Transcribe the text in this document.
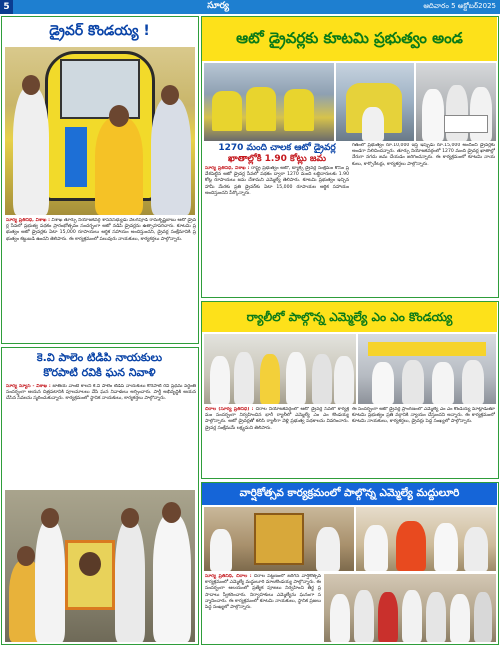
5	సూర్య	ఆదివారం 5 అక్టోబర్2025
డ్రైవర్ కొండయ్య !
సూర్య ప్రతినిధి, విశాఖ : విశాఖ తూర్పు నియోజకవర్గ శాసనసభ్యుడు వెలగపూడి రామకృష్ణబాబు ఆటో డ్రైవర్ల సేవలో ప్రభుత్వ పథకం ప్రారంభోత్సవం సందర్భంగా ఆటో నడిపి డ్రైవర్లను ఉత్సాహపరిచారు. కూటమి ప్రభుత్వం ఆటో డ్రైవర్లకు ఏటా 15,000 రూపాయలు ఆర్థిక సహాయం అందిస్తుందని, డ్రైవర్ల సంక్షేమానికి ప్రభుత్వం కట్టుబడి ఉందని తెలిపారు. ఈ కార్యక్రమంలో పలువురు నాయకులు, కార్యకర్తలు పాల్గొన్నారు.
కె.వి పాలెం టిడిపి నాయకులు
కొరపాటి రవికి ఘన నివాళి
సూర్య న్యూస్ - విశాఖ : జాతీయ వాంబే కాలనీ కె.వి పాలెం టిడిపి నాయకులు కొరపాటి రవి ప్రథమ వర్ధంతి సందర్భంగా ఆయన చిత్రపటానికి పూలమాలలు వేసి ఘన నివాళులు అర్పించారు. పార్టీ అభివృద్ధికి ఆయన చేసిన సేవలను స్మరించుకున్నారు. కార్యక్రమంలో స్థానిక నాయకులు, కార్యకర్తలు పాల్గొన్నారు.
ఆటో డ్రైవర్లకు కూటమి ప్రభుత్వం అండ
1270 మంది చాలక ఆటో డ్రైవర్ల
ఖాతాల్లోకి 1.90 కోట్లు జమ
సూర్య ప్రతినిధి, విశాఖ : రాష్ట్ర ప్రభుత్వం ఆటో, ట్యాక్సీ డ్రైవర్ల సంక్షేమం కోసం ప్రవేశపెట్టిన ఆటో డ్రైవర్ల సేవలో పథకం ద్వారా 1270 మంది లబ్ధిదారులకు 1.90 కోట్ల రూపాయలు జమ చేశామని ఎమ్మెల్యే తెలిపారు. కూటమి ప్రభుత్వం ఇచ్చిన హామీ మేరకు ప్రతి డ్రైవర్‌కు ఏటా 15,000 రూపాయల ఆర్థిక సహాయం అందిస్తుందని పేర్కొన్నారు.
గతంలో ప్రభుత్వం రూ.10,000 ఇస్తే ఇప్పుడు రూ.15,000 అందించి డ్రైవర్లకు అండగా నిలిచిందన్నారు. తూర్పు నియోజకవర్గంలో 1270 మంది డ్రైవర్ల ఖాతాల్లో నేరుగా నగదు జమ చేయడం జరిగిందన్నారు. ఈ కార్యక్రమంలో కూటమి నాయకులు, కార్పొరేటర్లు, కార్యకర్తలు పాల్గొన్నారు.
ర్యాలీలో పాల్గొన్న ఎమ్మెల్యే ఎం ఎం కొండయ్య
చీరాల (సూర్య ప్రతినిధి) : చీరాల నియోజకవర్గంలో ఆటో డ్రైవర్ల సేవలో కార్యక్రమం సందర్భంగా నిర్వహించిన భారీ ర్యాలీలో ఎమ్మెల్యే ఎం ఎం కొండయ్య పాల్గొన్నారు. ఆటో డ్రైవర్లతో కలిసి ర్యాలీగా వెళ్లి ప్రభుత్వ పథకాలను వివరించారు. డ్రైవర్ల సంక్షేమమే లక్ష్యమని తెలిపారు.
ఈ సందర్భంగా ఆటో డ్రైవర్ల ప్రాంగణంలో ఎమ్మెల్యే ఎం ఎం కొండయ్య మాట్లాడుతూ కూటమి ప్రభుత్వం ప్రతి వర్గానికి న్యాయం చేస్తుందని అన్నారు. ఈ కార్యక్రమంలో కూటమి నాయకులు, కార్యకర్తలు, డ్రైవర్లు పెద్ద సంఖ్యలో పాల్గొన్నారు.
వార్షికోత్సవ కార్యక్రమంలో పాల్గొన్న ఎమ్మెల్యే మద్దులూరి
సూర్య ప్రతినిధి, చీరాల : చీరాల పట్టణంలో జరిగిన వార్షికోత్సవ కార్యక్రమంలో ఎమ్మెల్యే మద్దులూరి మాలకొండయ్య పాల్గొన్నారు. ఈ సందర్భంగా ఆలయంలో ప్రత్యేక పూజలు నిర్వహించి తీర్థ ప్రసాదాలు స్వీకరించారు. నిర్వాహకులు ఎమ్మెల్యేను ఘనంగా సన్మానించారు. ఈ కార్యక్రమంలో కూటమి నాయకులు, స్థానిక ప్రజలు పెద్ద సంఖ్యలో పాల్గొన్నారు.
